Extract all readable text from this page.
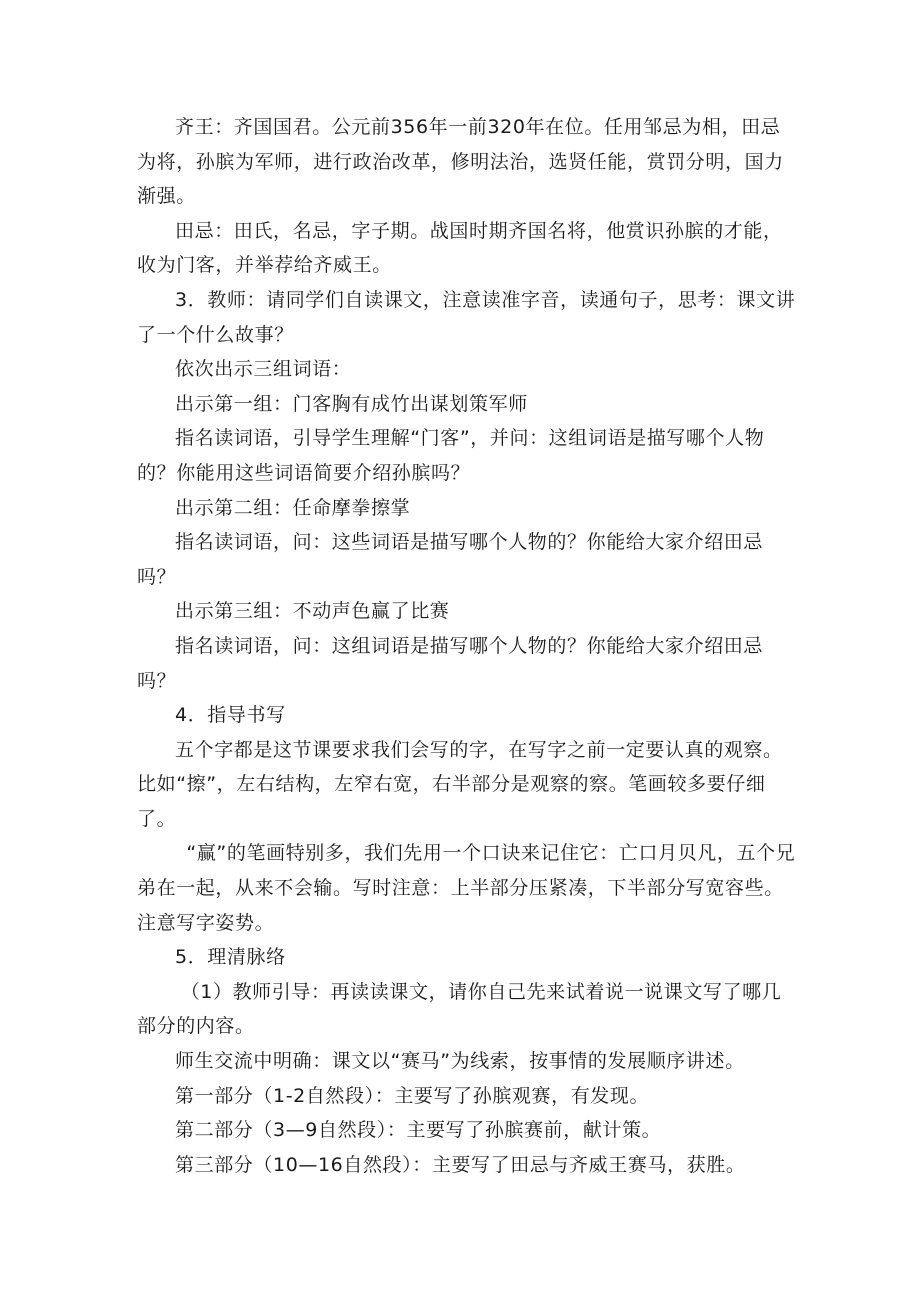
齐王：齐国国君。公元前356年一前320年在位。任用邹忌为相，田忌为将，孙膑为军师，进行政治改革，修明法治，选贤任能，赏罚分明，国力渐强。

田忌：田氏，名忌，字子期。战国时期齐国名将，他赏识孙膑的才能，收为门客，并举荐给齐威王。

3．教师：请同学们自读课文，注意读准字音，读通句子，思考：课文讲了一个什么故事？

依次出示三组词语：

出示第一组：门客胸有成竹出谋划策军师

指名读词语，引导学生理解“门客”，并问：这组词语是描写哪个人物的？你能用这些词语简要介绍孙膑吗？

出示第二组：任命摩拳擦掌

指名读词语，问：这些词语是描写哪个人物的？你能给大家介绍田忌吗？

出示第三组：不动声色赢了比赛

指名读词语，问：这组词语是描写哪个人物的？你能给大家介绍田忌吗？

4．指导书写

五个字都是这节课要求我们会写的字，在写字之前一定要认真的观察。比如“擦”，左右结构，左窄右宽，右半部分是观察的察。笔画较多要仔细了。

“赢”的笔画特别多，我们先用一个口诀来记住它：亡口月贝凡，五个兄弟在一起，从来不会输。写时注意：上半部分压紧凑，下半部分写宽容些。注意写字姿势。

5．理清脉络

（1）教师引导：再读读课文，请你自己先来试着说一说课文写了哪几部分的内容。

师生交流中明确：课文以“赛马”为线索，按事情的发展顺序讲述。

第一部分（1-2自然段）：主要写了孙膑观赛，有发现。

第二部分（3—9自然段）：主要写了孙膑赛前，献计策。

第三部分（10—16自然段）：主要写了田忌与齐威王赛马，获胜。
